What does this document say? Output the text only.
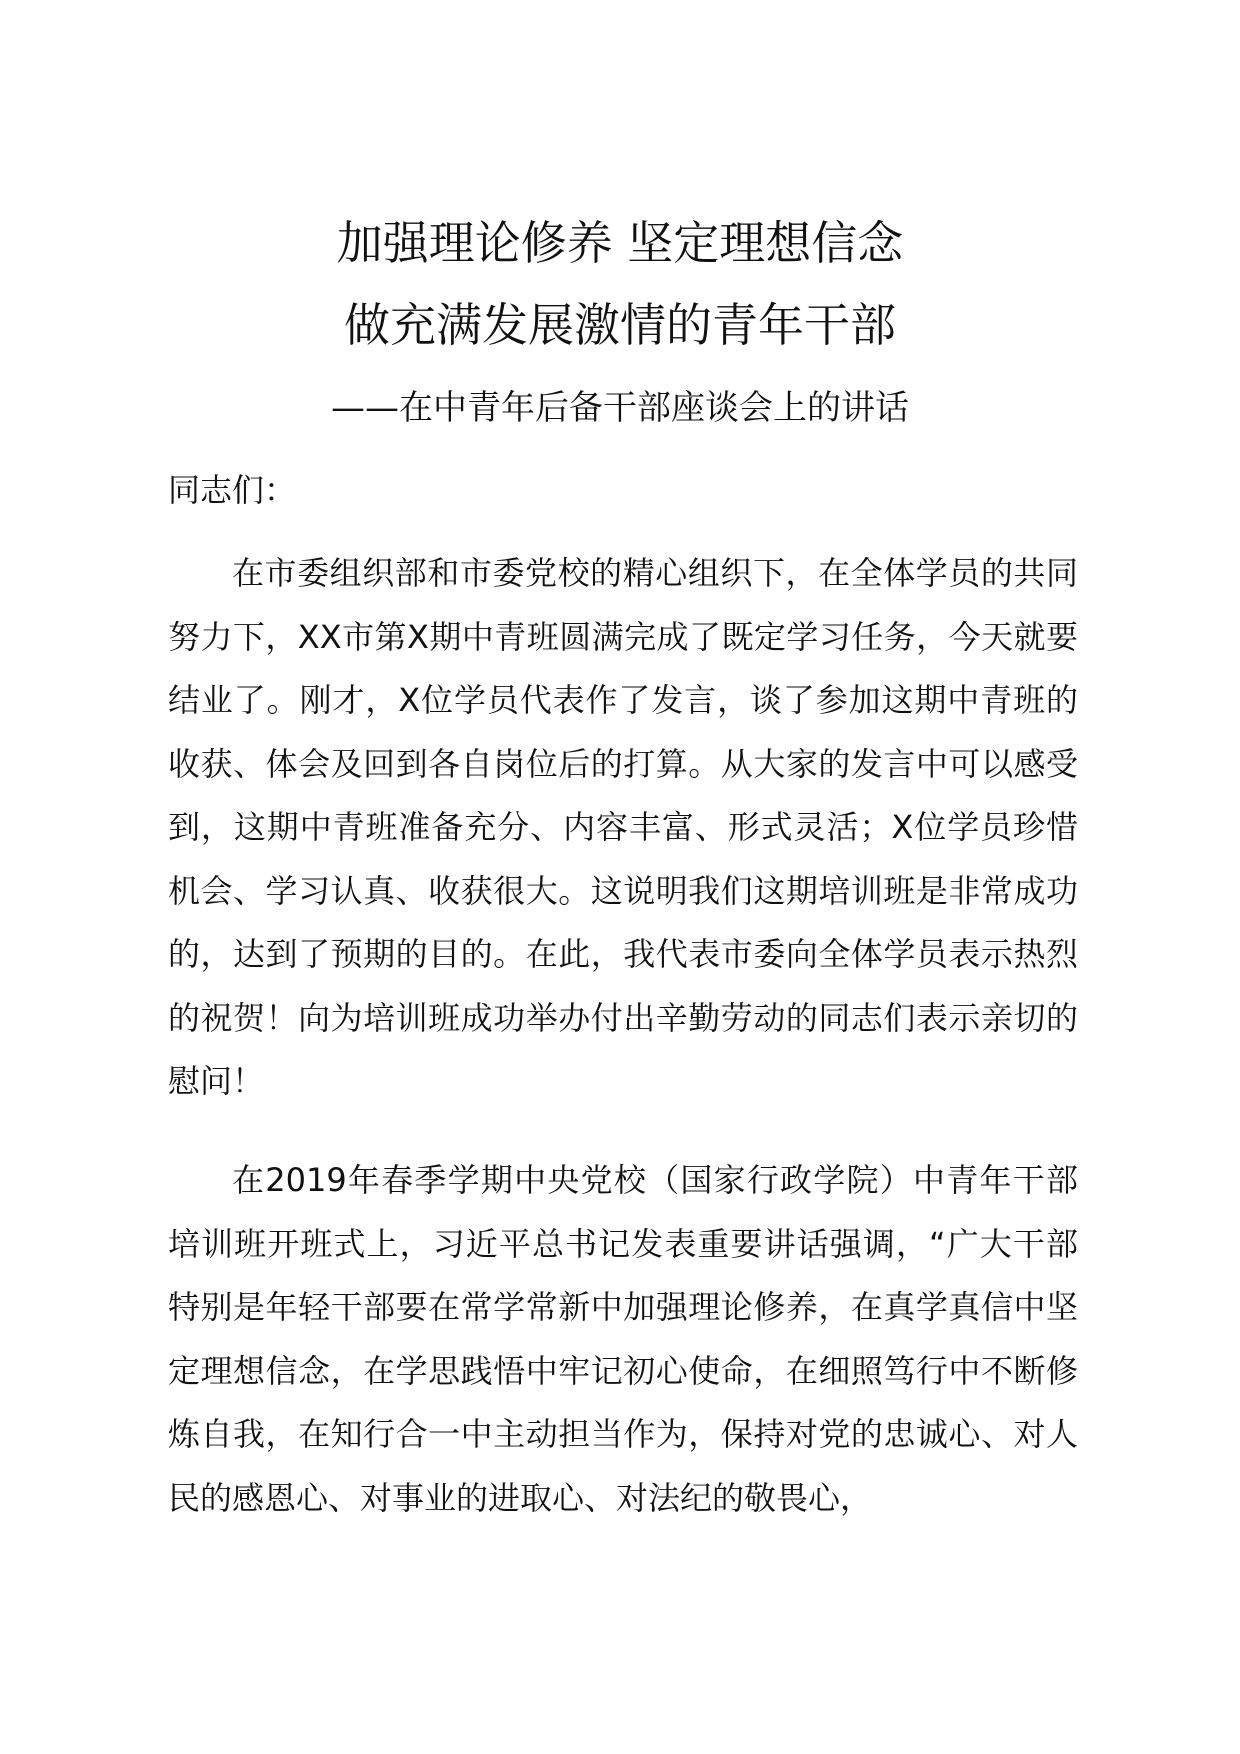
加强理论修养 坚定理想信念
做充满发展激情的青年干部
——在中青年后备干部座谈会上的讲话
同志们：

在市委组织部和市委党校的精心组织下，在全体学员的共同努力下，XX市第X期中青班圆满完成了既定学习任务，今天就要结业了。刚才，X位学员代表作了发言，谈了参加这期中青班的收获、体会及回到各自岗位后的打算。从大家的发言中可以感受到，这期中青班准备充分、内容丰富、形式灵活；X位学员珍惜机会、学习认真、收获很大。这说明我们这期培训班是非常成功的，达到了预期的目的。在此，我代表市委向全体学员表示热烈的祝贺！向为培训班成功举办付出辛勤劳动的同志们表示亲切的慰问！

在2019年春季学期中央党校（国家行政学院）中青年干部培训班开班式上，习近平总书记发表重要讲话强调，“广大干部特别是年轻干部要在常学常新中加强理论修养，在真学真信中坚定理想信念，在学思践悟中牢记初心使命，在细照笃行中不断修炼自我，在知行合一中主动担当作为，保持对党的忠诚心、对人民的感恩心、对事业的进取心、对法纪的敬畏心，
